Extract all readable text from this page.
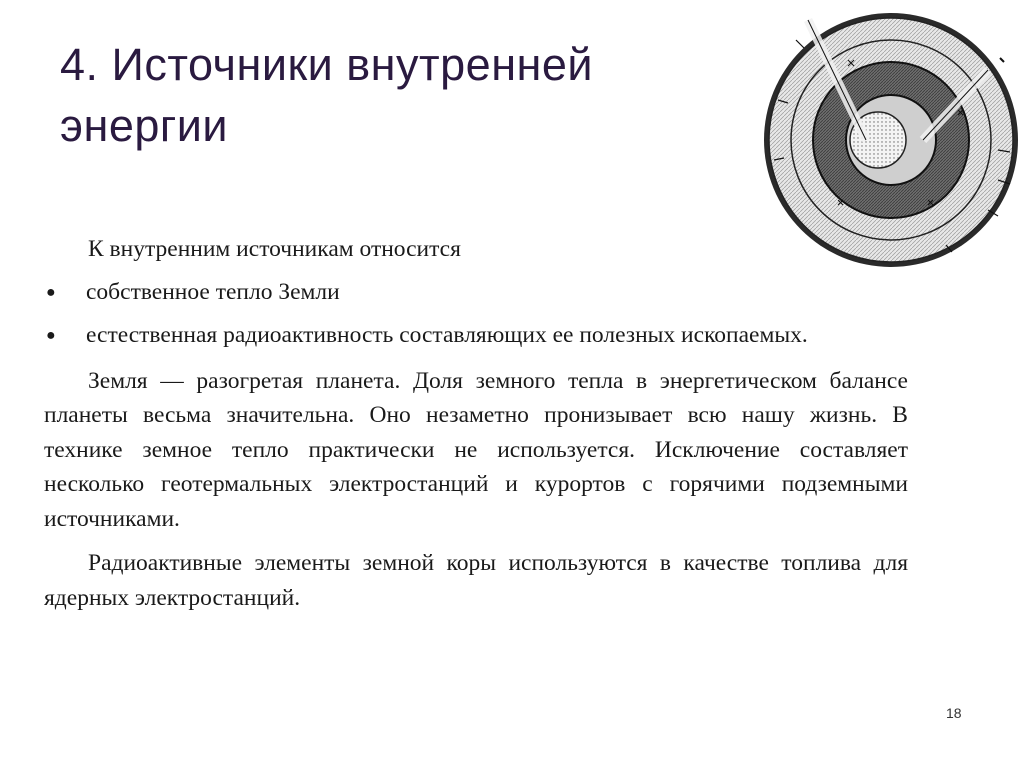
4. Источники внутренней
энергии

К внутренним источникам относится

● собственное тепло Земли

● естественная радиоактивность составляющих ее полезных ископаемых.

Земля — разогретая планета. Доля земного тепла в энергетическом балансе планеты весьма значительна. Оно незаметно пронизывает всю нашу жизнь. В технике земное тепло практически не используется. Исключение составляет несколько геотермальных электростанций и курортов с горячими подземными источниками.

Радиоактивные элементы земной коры используются в качестве топлива для ядерных электростанций.

18
